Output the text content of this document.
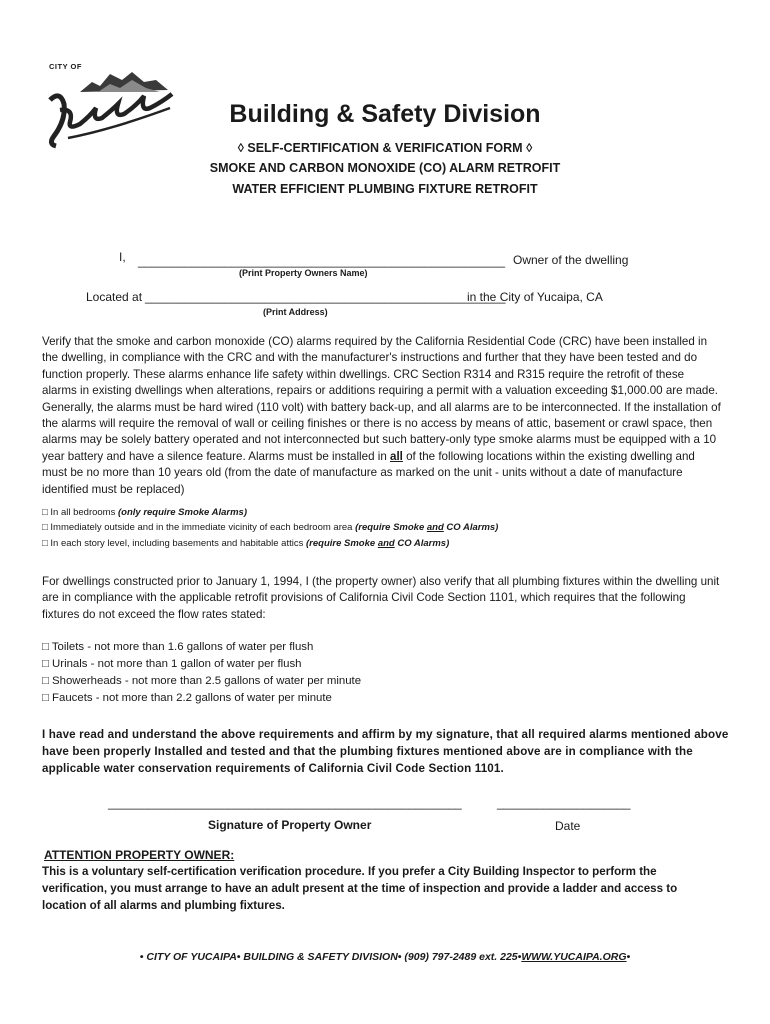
CITY OF
Building & Safety Division
◊ SELF-CERTIFICATION & VERIFICATION FORM ◊
SMOKE AND CARBON MONOXIDE (CO) ALARM RETROFIT
WATER EFFICIENT PLUMBING FIXTURE RETROFIT
I, _______________________________________________________ Owner of the dwelling
(Print Property Owners Name)
Located at ______________________________________________________
in the City of Yucaipa, CA
(Print Address)
Verify that the smoke and carbon monoxide (CO) alarms required by the California Residential Code (CRC) have been installed in the dwelling, in compliance with the CRC and with the manufacturer's instructions and further that they have been tested and do function properly. These alarms enhance life safety within dwellings. CRC Section R314 and R315 require the retrofit of these alarms in existing dwellings when alterations, repairs or additions requiring a permit with a valuation exceeding $1,000.00 are made. Generally, the alarms must be hard wired (110 volt) with battery back-up, and all alarms are to be interconnected. If the installation of the alarms will require the removal of wall or ceiling finishes or there is no access by means of attic, basement or crawl space, then alarms may be solely battery operated and not interconnected but such battery-only type smoke alarms must be equipped with a 10 year battery and have a silence feature. Alarms must be installed in all of the following locations within the existing dwelling and must be no more than 10 years old (from the date of manufacture as marked on the unit - units without a date of manufacture identified must be replaced)
□ In all bedrooms (only require Smoke Alarms)
□ Immediately outside and in the immediate vicinity of each bedroom area (require Smoke and CO Alarms)
□ In each story level, including basements and habitable attics (require Smoke and CO Alarms)
For dwellings constructed prior to January 1, 1994, I (the property owner) also verify that all plumbing fixtures within the dwelling unit are in compliance with the applicable retrofit provisions of California Civil Code Section 1101, which requires that the following fixtures do not exceed the flow rates stated:
□ Toilets - not more than 1.6 gallons of water per flush
□ Urinals - not more than 1 gallon of water per flush
□ Showerheads - not more than 2.5 gallons of water per minute
□ Faucets - not more than 2.2 gallons of water per minute
I have read and understand the above requirements and affirm by my signature, that all required alarms mentioned above have been properly Installed and tested and that the plumbing fixtures mentioned above are in compliance with the applicable water conservation requirements of California Civil Code Section 1101.
_____________________________________________________	____________________
Signature of Property Owner	Date
ATTENTION PROPERTY OWNER:
This is a voluntary self-certification verification procedure. If you prefer a City Building Inspector to perform the verification, you must arrange to have an adult present at the time of inspection and provide a ladder and access to location of all alarms and plumbing fixtures.
• CITY OF YUCAIPA• BUILDING & SAFETY DIVISION• (909) 797-2489 ext. 225•WWW.YUCAIPA.ORG•
